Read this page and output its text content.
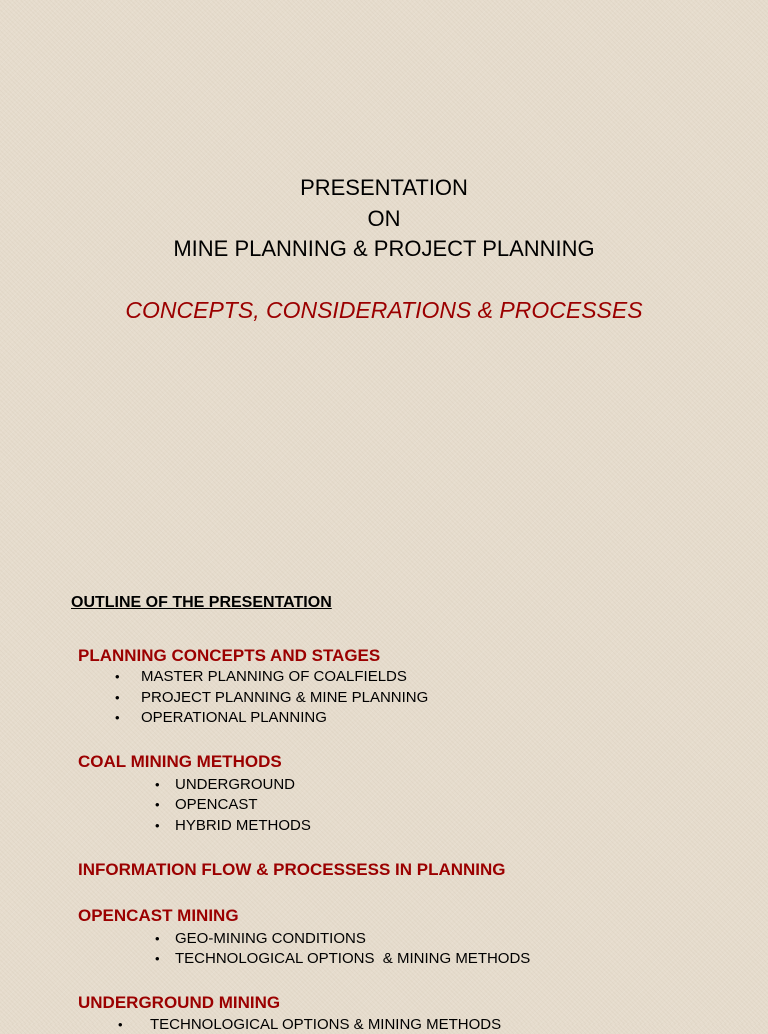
PRESENTATION
ON
MINE PLANNING & PROJECT PLANNING
CONCEPTS, CONSIDERATIONS & PROCESSES
OUTLINE OF THE PRESENTATION
PLANNING CONCEPTS AND STAGES
• MASTER PLANNING OF COALFIELDS
• PROJECT PLANNING & MINE PLANNING
• OPERATIONAL PLANNING
COAL MINING METHODS
• UNDERGROUND
• OPENCAST
• HYBRID METHODS
INFORMATION FLOW & PROCESSESS IN PLANNING
OPENCAST MINING
• GEO-MINING CONDITIONS
• TECHNOLOGICAL OPTIONS  & MINING METHODS
UNDERGROUND MINING
• TECHNOLOGICAL OPTIONS & MINING METHODS
